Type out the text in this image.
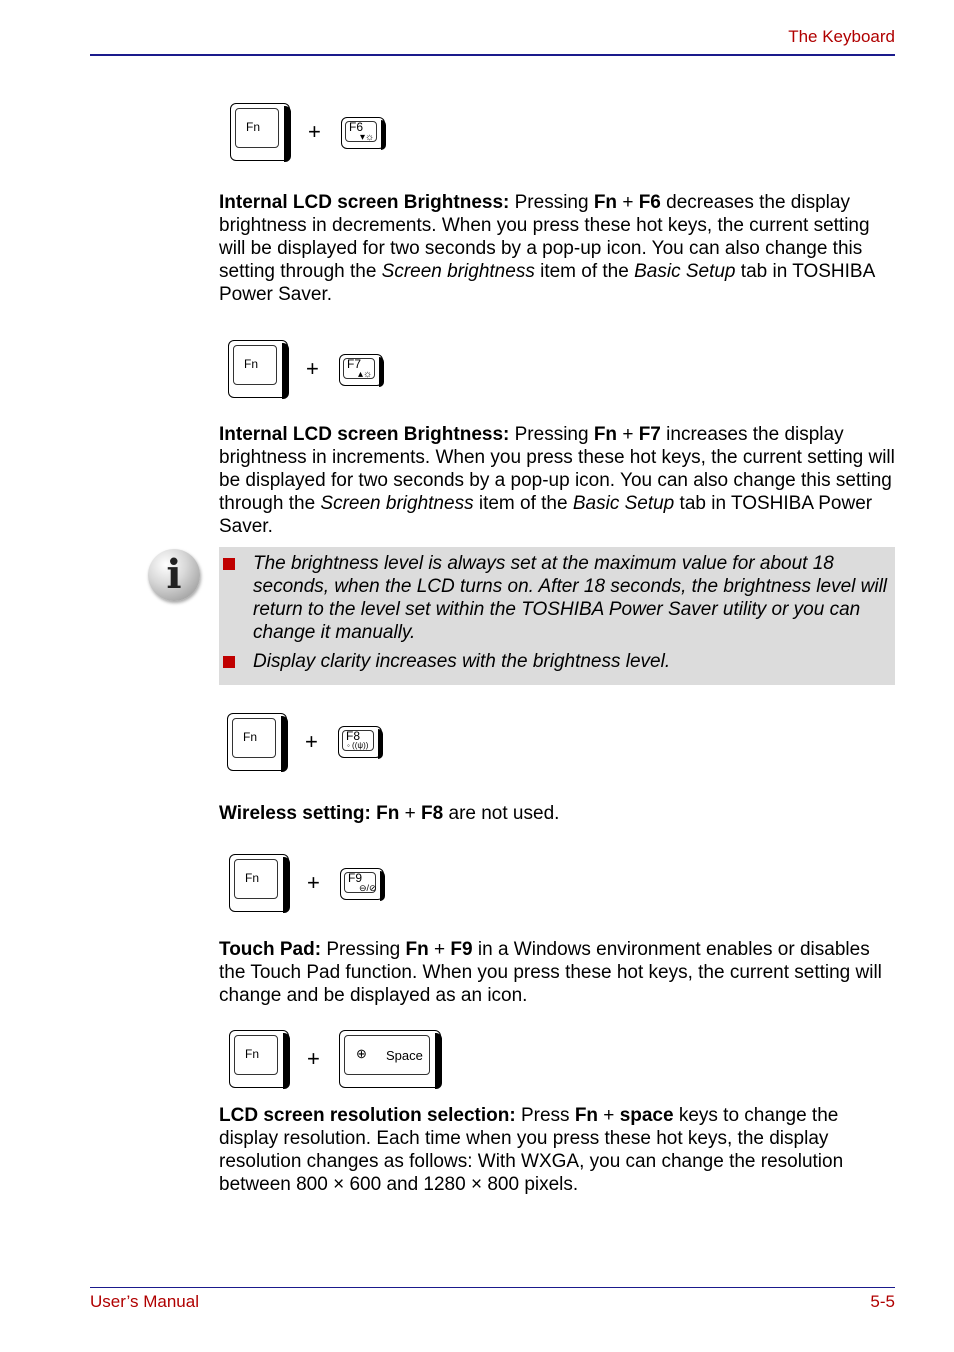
The Keyboard
Fn + F6
▾☼

Internal LCD screen Brightness: Pressing Fn + F6 decreases the display brightness in decrements. When you press these hot keys, the current setting will be displayed for two seconds by a pop-up icon. You can also change this setting through the Screen brightness item of the Basic Setup tab in TOSHIBA Power Saver.

Fn + F7
▴☼

Internal LCD screen Brightness: Pressing Fn + F7 increases the display brightness in increments. When you press these hot keys, the current setting will be displayed for two seconds by a pop-up icon. You can also change this setting through the Screen brightness item of the Basic Setup tab in TOSHIBA Power Saver.

i	The brightness level is always set at the maximum value for about 18 seconds, when the LCD turns on. After 18 seconds, the brightness level will return to the level set within the TOSHIBA Power Saver utility or you can change it manually.
Display clarity increases with the brightness level.
Fn + F8
◦ ((ψ))

Wireless setting: Fn + F8 are not used.

Fn + F9
⊖/⊘

Touch Pad: Pressing Fn + F9 in a Windows environment enables or disables the Touch Pad function. When you press these hot keys, the current setting will change and be displayed as an icon.

Fn +	⊕ Space

LCD screen resolution selection: Press Fn + space keys to change the display resolution. Each time when you press these hot keys, the display resolution changes as follows: With WXGA, you can change the resolution between 800 × 600 and 1280 × 800 pixels.

User’s Manual	5-5
